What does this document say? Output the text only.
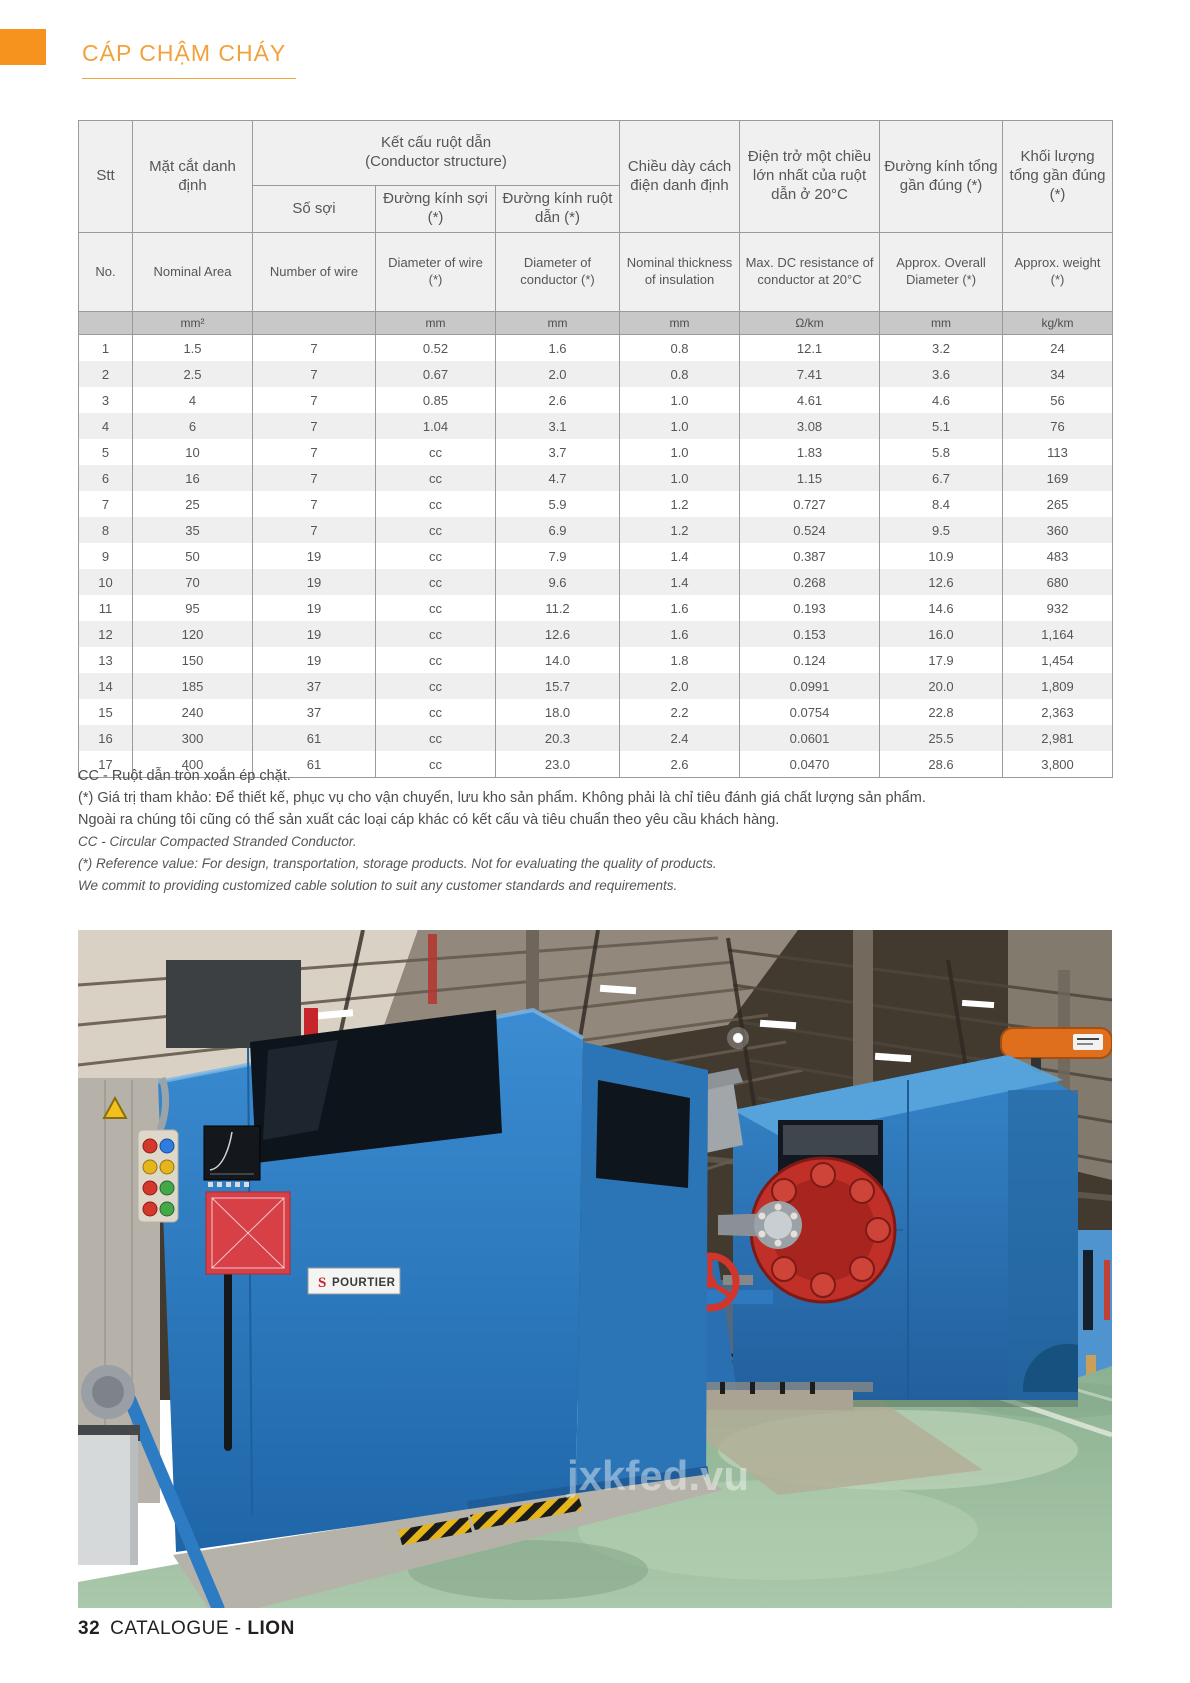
CÁP CHẬM CHÁY
Stt	Mặt cắt danh định	Kết cấu ruột dẫn
(Conductor structure)			Chiều dày cách điện danh định	Điện trở một chiều lớn nhất của ruột dẫn ở 20°C	Đường kính tổng gần đúng (*)	Khối lượng tổng gần đúng (*)
		Số sợi	Đường kính sợi (*)	Đường kính ruột dẫn (*)				
No.	Nominal Area	Number of wire	Diameter of wire (*)	Diameter of conductor (*)	Nominal thickness of insulation	Max. DC resistance of conductor at 20°C	Approx. Overall Diameter (*)	Approx. weight (*)
	mm²		mm	mm	mm	Ω/km	mm	kg/km
1	1.5	7	0.52	1.6	0.8	12.1	3.2	24
2	2.5	7	0.67	2.0	0.8	7.41	3.6	34
3	4	7	0.85	2.6	1.0	4.61	4.6	56
4	6	7	1.04	3.1	1.0	3.08	5.1	76
5	10	7	cc	3.7	1.0	1.83	5.8	113
6	16	7	cc	4.7	1.0	1.15	6.7	169
7	25	7	cc	5.9	1.2	0.727	8.4	265
8	35	7	cc	6.9	1.2	0.524	9.5	360
9	50	19	cc	7.9	1.4	0.387	10.9	483
10	70	19	cc	9.6	1.4	0.268	12.6	680
11	95	19	cc	11.2	1.6	0.193	14.6	932
12	120	19	cc	12.6	1.6	0.153	16.0	1,164
13	150	19	cc	14.0	1.8	0.124	17.9	1,454
14	185	37	cc	15.7	2.0	0.0991	20.0	1,809
15	240	37	cc	18.0	2.2	0.0754	22.8	2,363
16	300	61	cc	20.3	2.4	0.0601	25.5	2,981
17	400	61	cc	23.0	2.6	0.0470	28.6	3,800
CC - Ruột dẫn tròn xoắn ép chặt.
(*) Giá trị tham khảo: Để thiết kế, phục vụ cho vận chuyển, lưu kho sản phẩm. Không phải là chỉ tiêu đánh giá chất lượng sản phẩm.
Ngoài ra chúng tôi cũng có thể sản xuất các loại cáp khác có kết cấu và tiêu chuẩn theo yêu cầu khách hàng.
CC - Circular Compacted Stranded Conductor.
(*) Reference value: For design, transportation, storage products. Not for evaluating the quality of products.
We commit to providing customized cable solution to suit any customer standards and requirements.
S POURTIER
jxkfed.vu
32 CATALOGUE - LION
